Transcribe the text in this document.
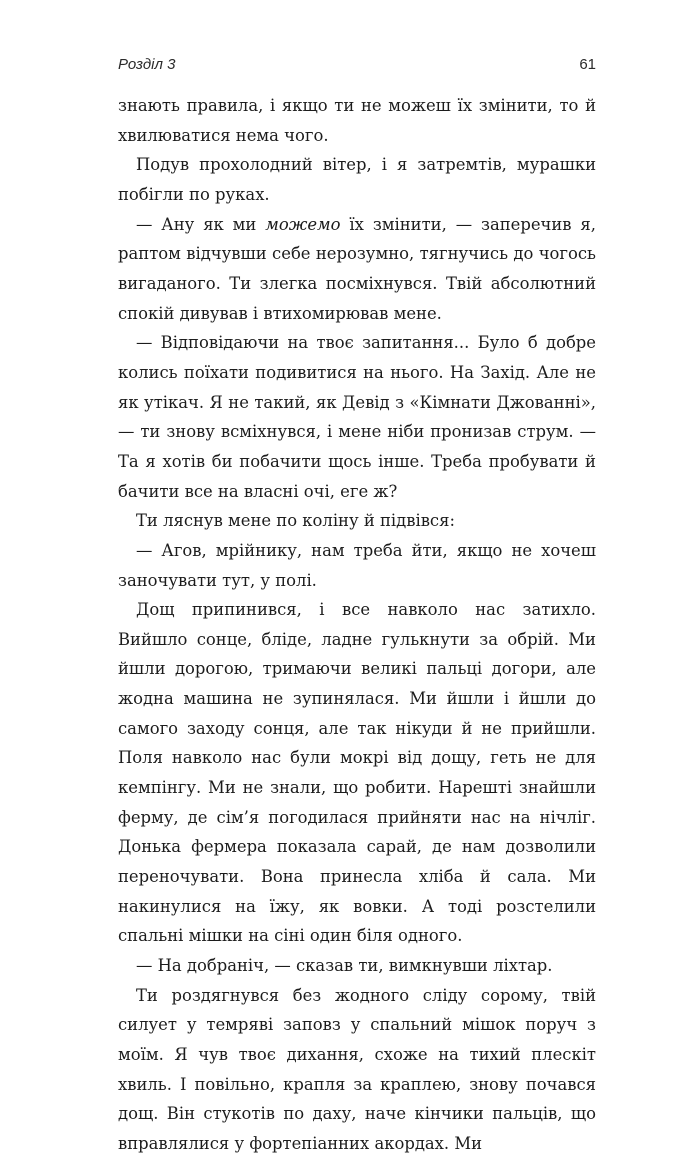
Розділ 3	61

знають правила, і якщо ти не можеш їх змінити, то й хвилюватися нема чого.

Подув прохолодний вітер, і я затремтів, мурашки побігли по руках.

— Ану як ми можемо їх змінити, — заперечив я, раптом відчувши себе нерозумно, тягнучись до чогось вигаданого. Ти злегка посміхнувся. Твій абсолютний спокій дивував і втихомирював мене.

— Відповідаючи на твоє запитання... Було б добре колись поїхати подивитися на нього. На Захід. Але не як утікач. Я не такий, як Девід з «Кімнати Джованні», — ти знову всміхнувся, і мене ніби пронизав струм. — Та я хотів би побачити щось інше. Треба пробувати й бачити все на власні очі, еге ж?

Ти ляснув мене по коліну й підвівся:

— Агов, мрійнику, нам треба йти, якщо не хочеш заночувати тут, у полі.

Дощ припинився, і все навколо нас затихло. Вийшло сонце, бліде, ладне гулькнути за обрій. Ми йшли дорогою, тримаючи великі пальці догори, але жодна машина не зупинялася. Ми йшли і йшли до самого заходу сонця, але так нікуди й не прийшли. Поля навколо нас були мокрі від дощу, геть не для кемпінгу. Ми не знали, що робити. Нарешті знайшли ферму, де сім’я погодилася прийняти нас на нічліг. Донька фермера показала сарай, де нам дозволили переночувати. Вона принесла хліба й сала. Ми накинулися на їжу, як вовки. А тоді розстелили спальні мішки на сіні один біля одного.

— На добраніч, — сказав ти, вимкнувши ліхтар.

Ти роздягнувся без жодного сліду сорому, твій силует у темряві заповз у спальний мішок поруч з моїм. Я чув твоє дихання, схоже на тихий плескіт хвиль. І повільно, крапля за краплею, знову почався дощ. Він стукотів по даху, наче кінчики пальців, що вправлялися у фортепіанних акордах. Ми
